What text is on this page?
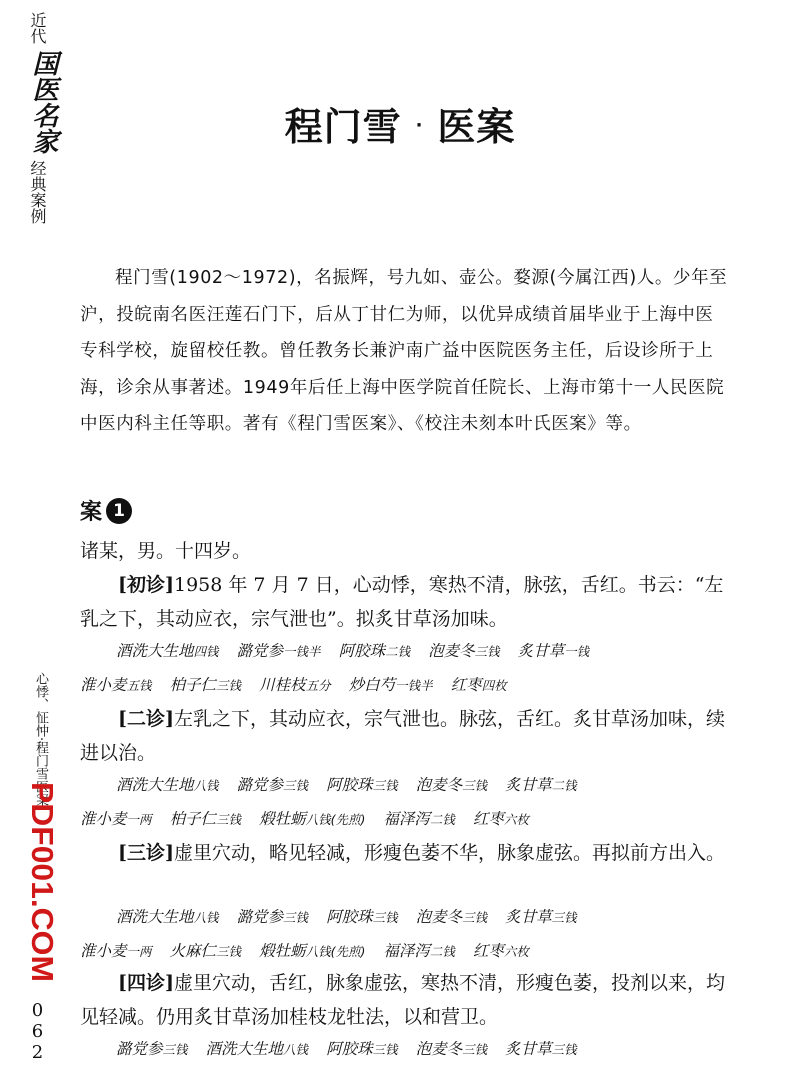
近代
国医名家
经典案例
心悸、怔忡·程门雪医案
PDF001.COM
062
程门雪 · 医案
程门雪(1902～1972)，名振辉，号九如、壶公。婺源(今属江西)人。少年至沪，投皖南名医汪莲石门下，后从丁甘仁为师，以优异成绩首届毕业于上海中医专科学校，旋留校任教。曾任教务长兼沪南广益中医院医务主任，后设诊所于上海，诊余从事著述。1949年后任上海中医学院首任院长、上海市第十一人民医院中医内科主任等职。著有《程门雪医案》、《校注未刻本叶氏医案》等。
案 1
诸某，男。十四岁。
[初诊]1958 年 7 月 7 日，心动悸，寒热不清，脉弦，舌红。书云：“左乳之下，其动应衣，宗气泄也”。拟炙甘草汤加味。
酒洗大生地四钱 潞党参一钱半 阿胶珠二钱 泡麦冬三钱 炙甘草一钱
淮小麦五钱 柏子仁三钱 川桂枝五分 炒白芍一钱半 红枣四枚
[二诊]左乳之下，其动应衣，宗气泄也。脉弦，舌红。炙甘草汤加味，续进以治。
酒洗大生地八钱 潞党参三钱 阿胶珠三钱 泡麦冬三钱 炙甘草二钱
淮小麦一两 柏子仁三钱 煅牡蛎八钱(先煎) 福泽泻二钱 红枣六枚
[三诊]虚里穴动，略见轻减，形瘦色萎不华，脉象虚弦。再拟前方出入。
酒洗大生地八钱 潞党参三钱 阿胶珠三钱 泡麦冬三钱 炙甘草三钱
淮小麦一两 火麻仁三钱 煅牡蛎八钱(先煎) 福泽泻二钱 红枣六枚
[四诊]虚里穴动，舌红，脉象虚弦，寒热不清，形瘦色萎，投剂以来，均见轻减。仍用炙甘草汤加桂枝龙牡法，以和营卫。
潞党参三钱 酒洗大生地八钱 阿胶珠三钱 泡麦冬三钱 炙甘草三钱
